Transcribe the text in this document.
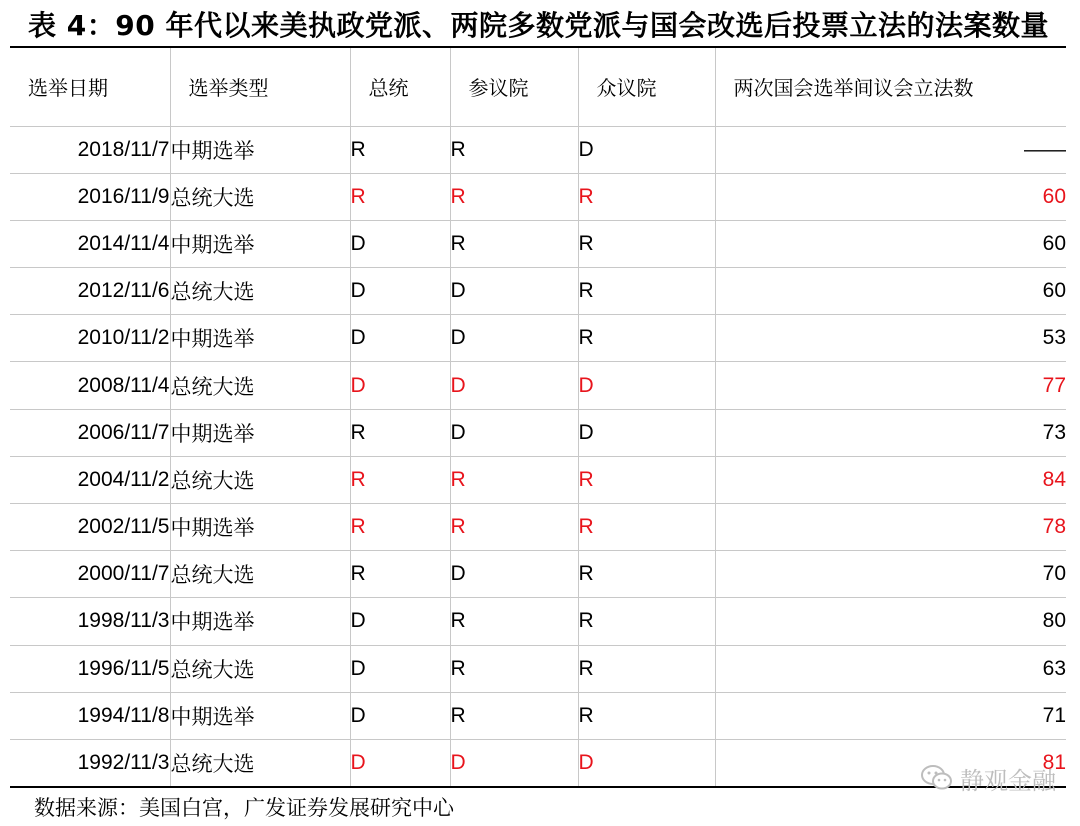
表 4：90 年代以来美执政党派、两院多数党派与国会改选后投票立法的法案数量
选举日期	选举类型	总统	参议院	众议院	两次国会选举间议会立法数
2018/11/7	中期选举	R	R	D	——
2016/11/9	总统大选	R	R	R	60
2014/11/4	中期选举	D	R	R	60
2012/11/6	总统大选	D	D	R	60
2010/11/2	中期选举	D	D	R	53
2008/11/4	总统大选	D	D	D	77
2006/11/7	中期选举	R	D	D	73
2004/11/2	总统大选	R	R	R	84
2002/11/5	中期选举	R	R	R	78
2000/11/7	总统大选	R	D	R	70
1998/11/3	中期选举	D	R	R	80
1996/11/5	总统大选	D	R	R	63
1994/11/8	中期选举	D	R	R	71
1992/11/3	总统大选	D	D	D	81
数据来源：美国白宫，广发证券发展研究中心
静观金融
